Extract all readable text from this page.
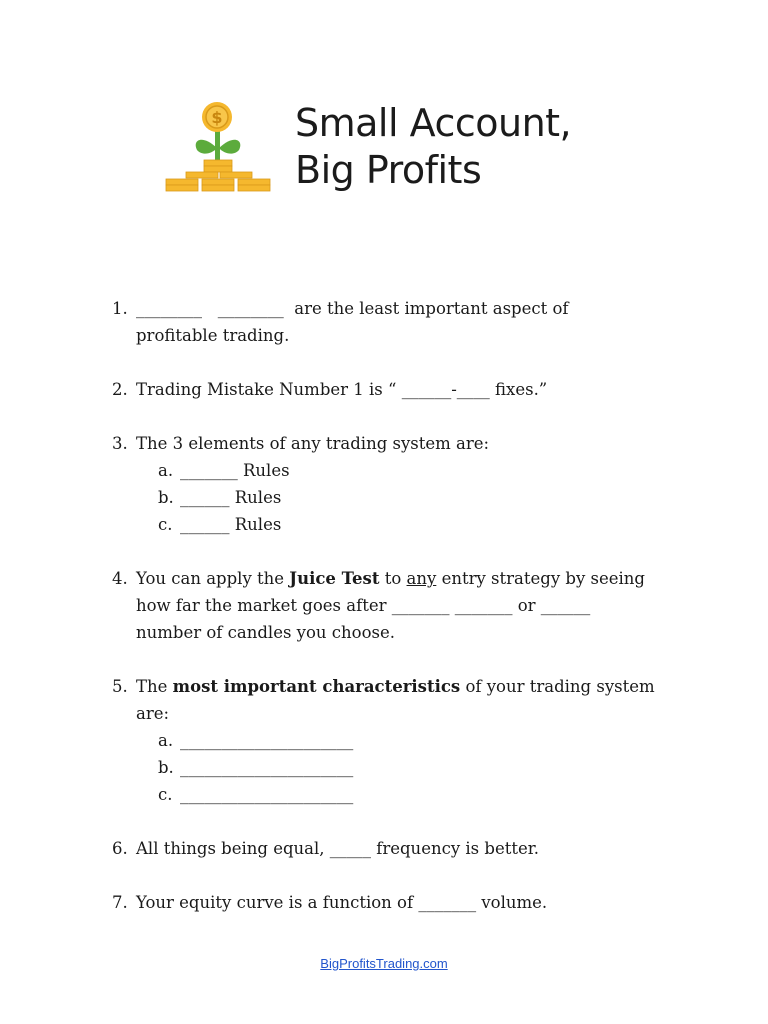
$ Small Account,
Big Profits
1. ________ ________ are the least important aspect of
profitable trading.
2. Trading Mistake Number 1 is “ ______-____ fixes.”
3. The 3 elements of any trading system are:
a. _______ Rules
b. ______ Rules
c. ______ Rules
4. You can apply the Juice Test to any entry strategy by seeing
how far the market goes after _______ _______ or ______
number of candles you choose.
5. The most important characteristics of your trading system
are:
a. _____________________
b. _____________________
c. _____________________
6. All things being equal, _____ frequency is better.
7. Your equity curve is a function of _______ volume.
BigProfitsTrading.com
